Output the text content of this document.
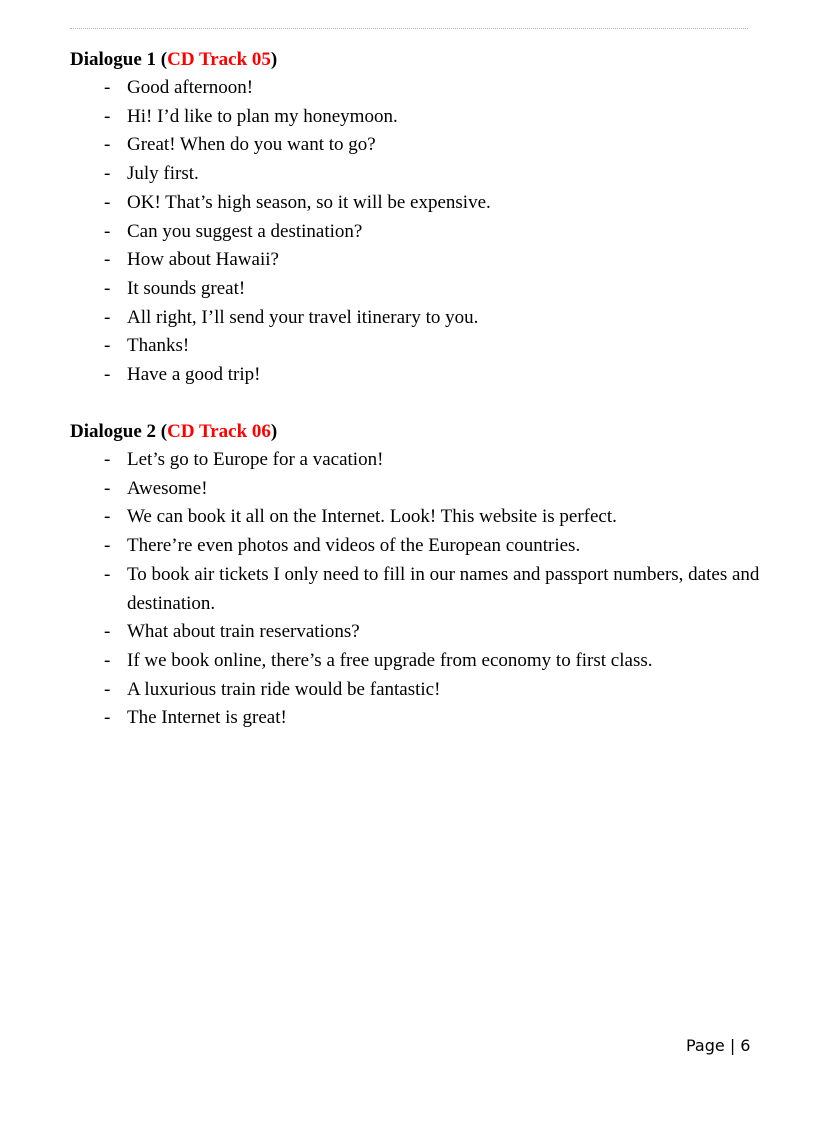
Dialogue 1 (CD Track 05)
- Good afternoon!
- Hi! I’d like to plan my honeymoon.
- Great! When do you want to go?
- July first.
- OK! That’s high season, so it will be expensive.
- Can you suggest a destination?
- How about Hawaii?
- It sounds great!
- All right, I’ll send your travel itinerary to you.
- Thanks!
- Have a good trip!
Dialogue 2 (CD Track 06)
- Let’s go to Europe for a vacation!
- Awesome!
- We can book it all on the Internet. Look! This website is perfect.
- There’re even photos and videos of the European countries.
- To book air tickets I only need to fill in our names and passport numbers, dates and destination.
- What about train reservations?
- If we book online, there’s a free upgrade from economy to first class.
- A luxurious train ride would be fantastic!
- The Internet is great!
Page | 6
